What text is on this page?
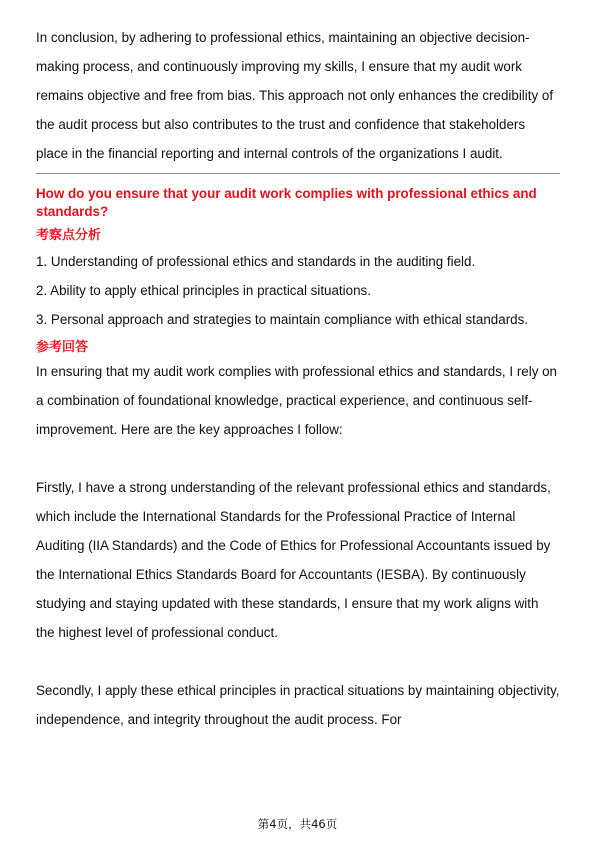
In conclusion, by adhering to professional ethics, maintaining an objective decision-making process, and continuously improving my skills, I ensure that my audit work remains objective and free from bias. This approach not only enhances the credibility of the audit process but also contributes to the trust and confidence that stakeholders place in the financial reporting and internal controls of the organizations I audit.

How do you ensure that your audit work complies with professional ethics and standards?

考察点分析

1. Understanding of professional ethics and standards in the auditing field.
2. Ability to apply ethical principles in practical situations.
3. Personal approach and strategies to maintain compliance with ethical standards.

参考回答

In ensuring that my audit work complies with professional ethics and standards, I rely on a combination of foundational knowledge, practical experience, and continuous self-improvement. Here are the key approaches I follow:

Firstly, I have a strong understanding of the relevant professional ethics and standards, which include the International Standards for the Professional Practice of Internal Auditing (IIA Standards) and the Code of Ethics for Professional Accountants issued by the International Ethics Standards Board for Accountants (IESBA). By continuously studying and staying updated with these standards, I ensure that my work aligns with the highest level of professional conduct.

Secondly, I apply these ethical principles in practical situations by maintaining objectivity, independence, and integrity throughout the audit process. For

第4页，共46页
